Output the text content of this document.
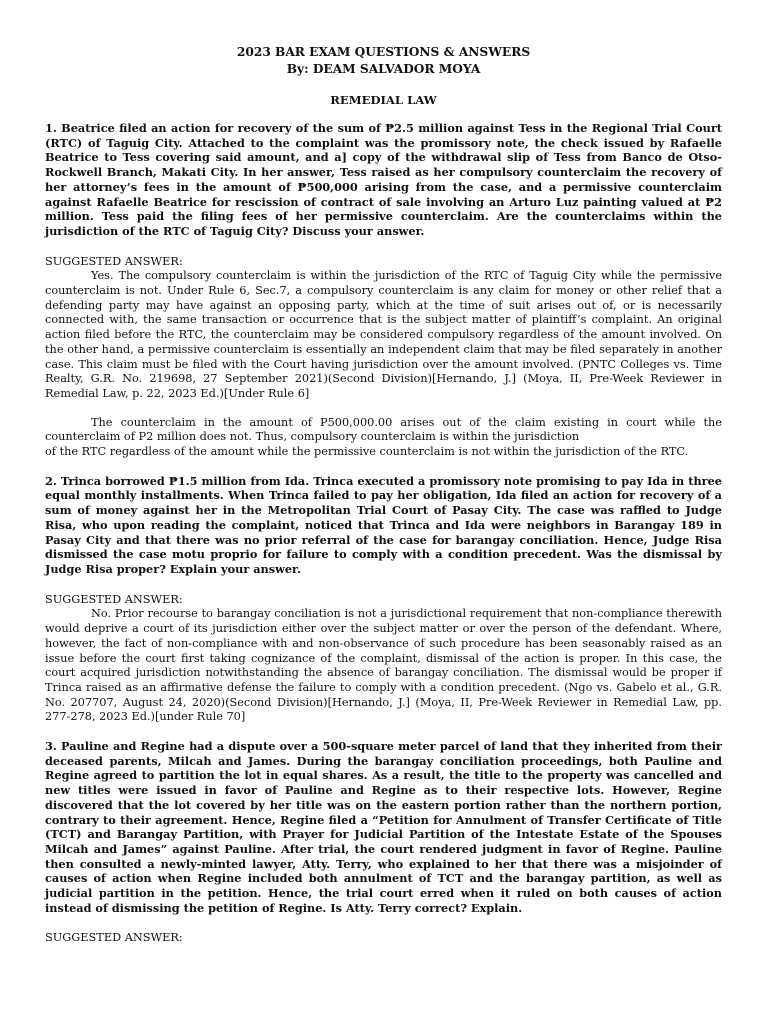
2023 BAR EXAM QUESTIONS & ANSWERS
By: DEAM SALVADOR MOYA
REMEDIAL LAW
1. Beatrice filed an action for recovery of the sum of ₱2.5 million against Tess in the Regional Trial Court (RTC) of Taguig City. Attached to the complaint was the promissory note, the check issued by Rafaelle Beatrice to Tess covering said amount, and a] copy of the withdrawal slip of Tess from Banco de Otso- Rockwell Branch, Makati City. In her answer, Tess raised as her compulsory counterclaim the recovery of her attorney’s fees in the amount of ₱500,000 arising from the case, and a permissive counterclaim against Rafaelle Beatrice for rescission of contract of sale involving an Arturo Luz painting valued at ₱2 million. Tess paid the filing fees of her permissive counterclaim. Are the counterclaims within the jurisdiction of the RTC of Taguig City? Discuss your answer.
SUGGESTED ANSWER:
Yes. The compulsory counterclaim is within the jurisdiction of the RTC of Taguig City while the permissive counterclaim is not. Under Rule 6, Sec.7, a compulsory counterclaim is any claim for money or other relief that a defending party may have against an opposing party, which at the time of suit arises out of, or is necessarily connected with, the same transaction or occurrence that is the subject matter of plaintiff’s complaint. An original action filed before the RTC, the counterclaim may be considered compulsory regardless of the amount involved. On the other hand, a permissive counterclaim is essentially an independent claim that may be filed separately in another case. This claim must be filed with the Court having jurisdiction over the amount involved. (PNTC Colleges vs. Time Realty, G.R. No. 219698, 27 September 2021)(Second Division)[Hernando, J.] (Moya, II, Pre-Week Reviewer in Remedial Law, p. 22, 2023 Ed.)[Under Rule 6]
The counterclaim in the amount of P500,000.00 arises out of the claim existing in court while the counterclaim of P2 million does not. Thus, compulsory counterclaim is within the jurisdiction
of the RTC regardless of the amount while the permissive counterclaim is not within the jurisdiction of the RTC.
2. Trinca borrowed ₱1.5 million from Ida. Trinca executed a promissory note promising to pay Ida in three equal monthly installments. When Trinca failed to pay her obligation, Ida filed an action for recovery of a sum of money against her in the Metropolitan Trial Court of Pasay City. The case was raffled to Judge Risa, who upon reading the complaint, noticed that Trinca and Ida were neighbors in Barangay 189 in Pasay City and that there was no prior referral of the case for barangay conciliation. Hence, Judge Risa dismissed the case motu proprio for failure to comply with a condition precedent. Was the dismissal by Judge Risa proper? Explain your answer.
SUGGESTED ANSWER:
No. Prior recourse to barangay conciliation is not a jurisdictional requirement that non-compliance therewith would deprive a court of its jurisdiction either over the subject matter or over the person of the defendant. Where, however, the fact of non-compliance with and non-observance of such procedure has been seasonably raised as an issue before the court first taking cognizance of the complaint, dismissal of the action is proper. In this case, the court acquired jurisdiction notwithstanding the absence of barangay conciliation. The dismissal would be proper if Trinca raised as an affirmative defense the failure to comply with a condition precedent. (Ngo vs. Gabelo et al., G.R. No. 207707, August 24, 2020)(Second Division)[Hernando, J.] (Moya, II, Pre-Week Reviewer in Remedial Law, pp. 277-278, 2023 Ed.)[under Rule 70]
3. Pauline and Regine had a dispute over a 500-square meter parcel of land that they inherited from their deceased parents, Milcah and James. During the barangay conciliation proceedings, both Pauline and Regine agreed to partition the lot in equal shares. As a result, the title to the property was cancelled and new titles were issued in favor of Pauline and Regine as to their respective lots. However, Regine discovered that the lot covered by her title was on the eastern portion rather than the northern portion, contrary to their agreement. Hence, Regine filed a “Petition for Annulment of Transfer Certificate of Title (TCT) and Barangay Partition, with Prayer for Judicial Partition of the Intestate Estate of the Spouses Milcah and James” against Pauline. After trial, the court rendered judgment in favor of Regine. Pauline then consulted a newly-minted lawyer, Atty. Terry, who explained to her that there was a misjoinder of causes of action when Regine included both annulment of TCT and the barangay partition, as well as judicial partition in the petition. Hence, the trial court erred when it ruled on both causes of action instead of dismissing the petition of Regine. Is Atty. Terry correct? Explain.
SUGGESTED ANSWER:
